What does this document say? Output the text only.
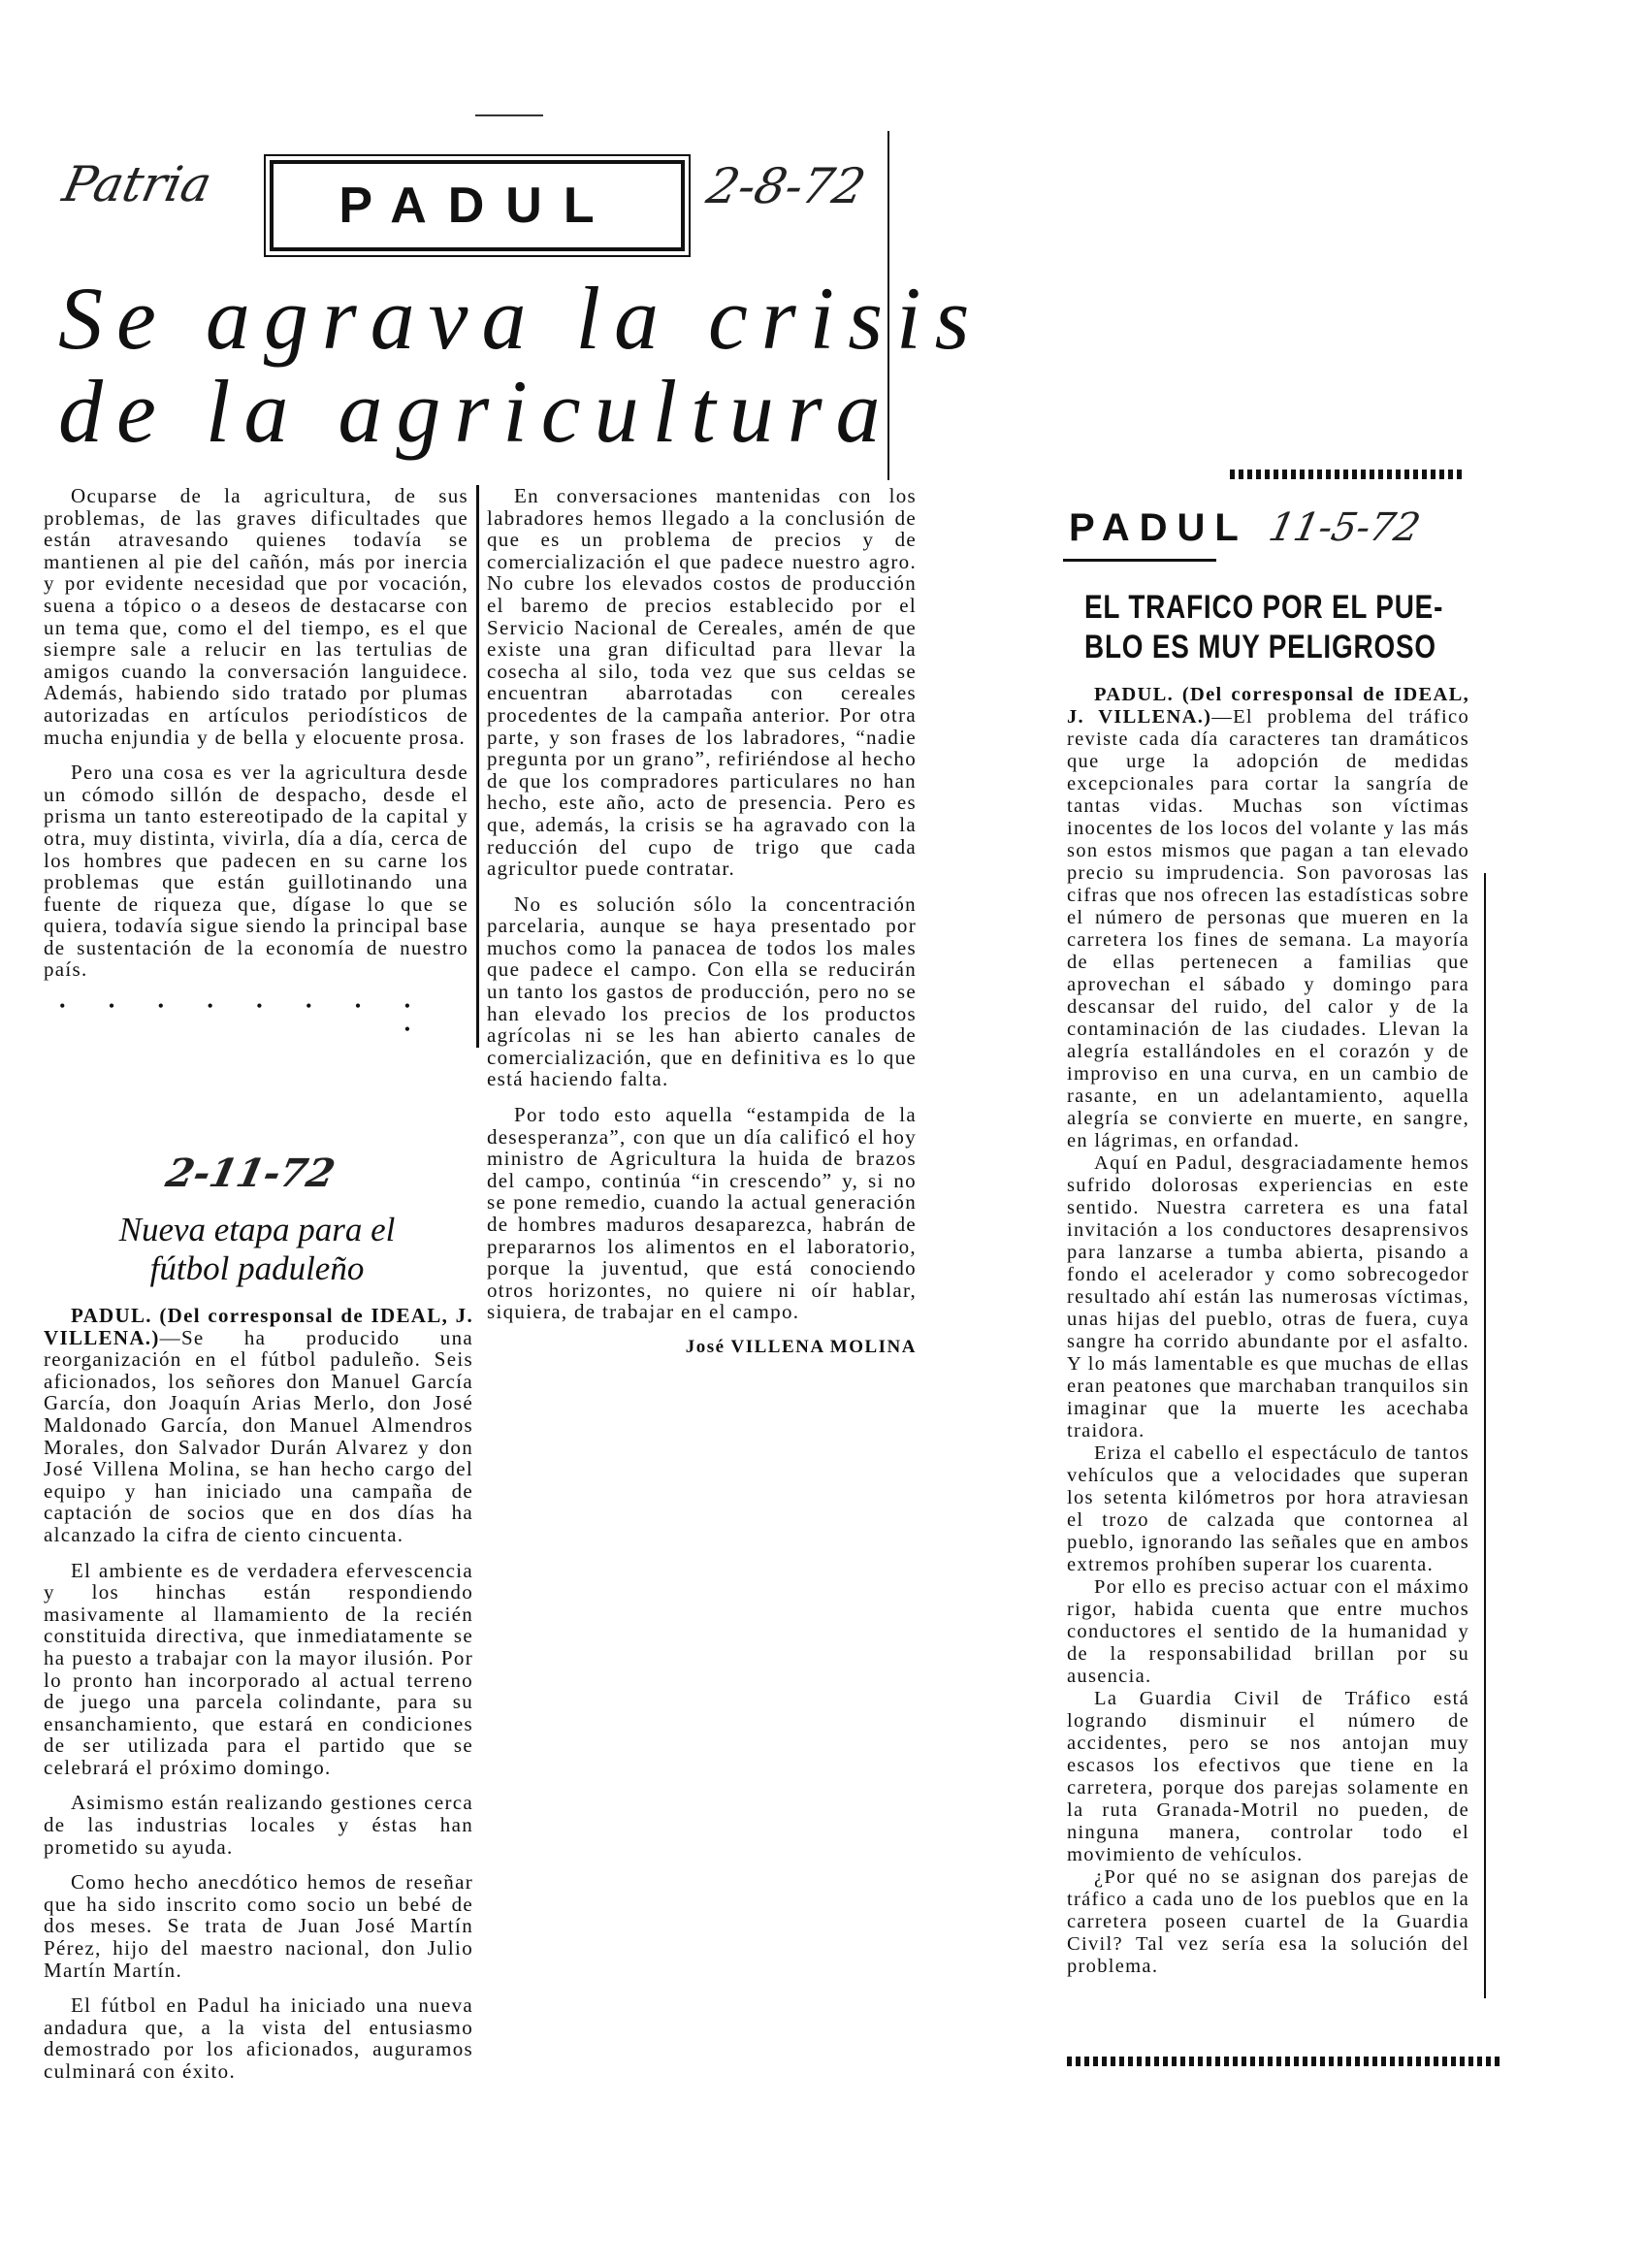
Patria	2-8-72
PADUL
Se agrava la crisis
de la agricultura

Ocuparse de la agricultura, de sus problemas, de las graves dificultades que están atravesando quienes todavía se mantienen al pie del cañón, más por inercia y por evidente necesidad que por vocación, suena a tópico o a deseos de destacarse con un tema que, como el del tiempo, es el que siempre sale a relucir en las tertulias de amigos cuando la conversación languidece. Además, habiendo sido tratado por plumas autorizadas en artículos periodísticos de mucha enjundia y de bella y elocuente prosa.

Pero una cosa es ver la agricultura desde un cómodo sillón de despacho, desde el prisma un tanto estereotipado de la capital y otra, muy distinta, vivirla, día a día, cerca de los hombres que padecen en su carne los problemas que están guillotinando una fuente de riqueza que, dígase lo que se quiera, todavía sigue siendo la principal base de sustentación de la economía de nuestro país.

• • • • • • • • •

En conversaciones mantenidas con los labradores hemos llegado a la conclusión de que es un problema de precios y de comercialización el que padece nuestro agro. No cubre los elevados costos de producción el baremo de precios establecido por el Servicio Nacional de Cereales, amén de que existe una gran dificultad para llevar la cosecha al silo, toda vez que sus celdas se encuentran abarrotadas con cereales procedentes de la campaña anterior. Por otra parte, y son frases de los labradores, “nadie pregunta por un grano”, refiriéndose al hecho de que los compradores particulares no han hecho, este año, acto de presencia. Pero es que, además, la crisis se ha agravado con la reducción del cupo de trigo que cada agricultor puede contratar.

No es solución sólo la concentración parcelaria, aunque se haya presentado por muchos como la panacea de todos los males que padece el campo. Con ella se reducirán un tanto los gastos de producción, pero no se han elevado los precios de los productos agrícolas ni se les han abierto canales de comercialización, que en definitiva es lo que está haciendo falta.

Por todo esto aquella “estampida de la desesperanza”, con que un día calificó el hoy ministro de Agricultura la huida de brazos del campo, continúa “in crescendo” y, si no se pone remedio, cuando la actual generación de hombres maduros desaparezca, habrán de prepararnos los alimentos en el laboratorio, porque la juventud, que está conociendo otros horizontes, no quiere ni oír hablar, siquiera, de trabajar en el campo.

José VILLENA MOLINA
2-11-72
Nueva etapa para el
fútbol paduleño

PADUL. (Del corresponsal de IDEAL, J. VILLENA.)—Se ha producido una reorganización en el fútbol paduleño. Seis aficionados, los señores don Manuel García García, don Joaquín Arias Merlo, don José Maldonado García, don Manuel Almendros Morales, don Salvador Durán Alvarez y don José Villena Molina, se han hecho cargo del equipo y han iniciado una campaña de captación de socios que en dos días ha alcanzado la cifra de ciento cincuenta.

El ambiente es de verdadera efervescencia y los hinchas están respondiendo masivamente al llamamiento de la recién constituida directiva, que inmediatamente se ha puesto a trabajar con la mayor ilusión. Por lo pronto han incorporado al actual terreno de juego una parcela colindante, para su ensanchamiento, que estará en condiciones de ser utilizada para el partido que se celebrará el próximo domingo.

Asimismo están realizando gestiones cerca de las industrias locales y éstas han prometido su ayuda.

Como hecho anecdótico hemos de reseñar que ha sido inscrito como socio un bebé de dos meses. Se trata de Juan José Martín Pérez, hijo del maestro nacional, don Julio Martín Martín.

El fútbol en Padul ha iniciado una nueva andadura que, a la vista del entusiasmo demostrado por los aficionados, auguramos culminará con éxito.

PADUL 11-5-72
EL TRAFICO POR EL PUE-
BLO ES MUY PELIGROSO

PADUL. (Del corresponsal de IDEAL, J. VILLENA.)—El problema del tráfico reviste cada día caracteres tan dramáticos que urge la adopción de medidas excepcionales para cortar la sangría de tantas vidas. Muchas son víctimas inocentes de los locos del volante y las más son estos mismos que pagan a tan elevado precio su imprudencia. Son pavorosas las cifras que nos ofrecen las estadísticas sobre el número de personas que mueren en la carretera los fines de semana. La mayoría de ellas pertenecen a familias que aprovechan el sábado y domingo para descansar del ruido, del calor y de la contaminación de las ciudades. Llevan la alegría estallándoles en el corazón y de improviso en una curva, en un cambio de rasante, en un adelantamiento, aquella alegría se convierte en muerte, en sangre, en lágrimas, en orfandad.

Aquí en Padul, desgraciadamente hemos sufrido dolorosas experiencias en este sentido. Nuestra carretera es una fatal invitación a los conductores desaprensivos para lanzarse a tumba abierta, pisando a fondo el acelerador y como sobrecogedor resultado ahí están las numerosas víctimas, unas hijas del pueblo, otras de fuera, cuya sangre ha corrido abundante por el asfalto. Y lo más lamentable es que muchas de ellas eran peatones que marchaban tranquilos sin imaginar que la muerte les acechaba traidora.

Eriza el cabello el espectáculo de tantos vehículos que a velocidades que superan los setenta kilómetros por hora atraviesan el trozo de calzada que contornea al pueblo, ignorando las señales que en ambos extremos prohíben superar los cuarenta.

Por ello es preciso actuar con el máximo rigor, habida cuenta que entre muchos conductores el sentido de la humanidad y de la responsabilidad brillan por su ausencia.

La Guardia Civil de Tráfico está logrando disminuir el número de accidentes, pero se nos antojan muy escasos los efectivos que tiene en la carretera, porque dos parejas solamente en la ruta Granada-Motril no pueden, de ninguna manera, controlar todo el movimiento de vehículos.

¿Por qué no se asignan dos parejas de tráfico a cada uno de los pueblos que en la carretera poseen cuartel de la Guardia Civil? Tal vez sería esa la solución del problema.
